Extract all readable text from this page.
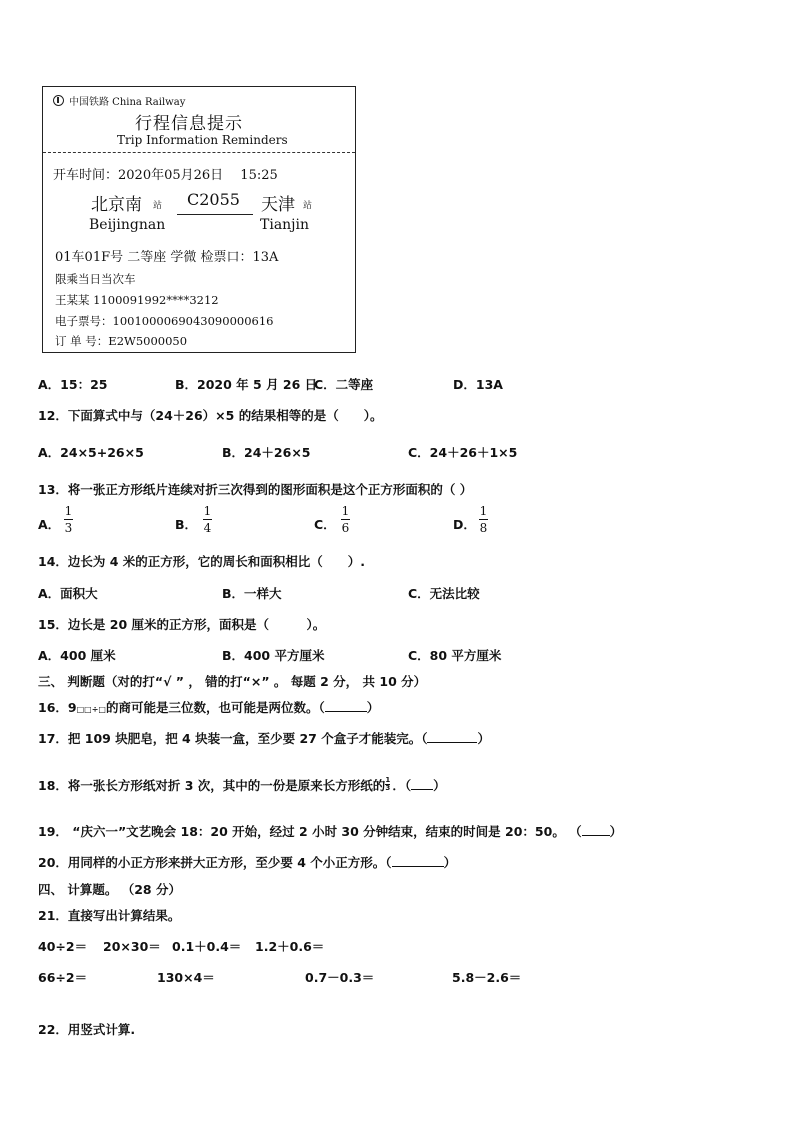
中国铁路 China Railway
行程信息提示
Trip Information Reminders
开车时间：2020年05月26日　 15:25
北京南 站
Beijingnan
C2055 天津 站
Tianjin
01车01F号 二等座 学微 检票口：13A
限乘当日当次车
王某某 1100091992****3212
电子票号：1001000069043090000616
订 单 号：E2W5000050
A．15：25	B．2020 年 5 月 26 日
C．二等座	D．13A
12．下面算式中与（24＋26）×5 的结果相等的是（　　）。
A．24×5+26×5	B．24＋26×5	C．24＋26＋1×5
13．将一张正方形纸片连续对折三次得到的图形面积是这个正方形面积的（ ）
A．
1
3	B．
1
4	C．
1
6	D．
1
8
14．边长为 4 米的正方形，它的周长和面积相比（　　）.
A．面积大	B．一样大	C．无法比较
15．边长是 20 厘米的正方形，面积是（　　　）。
A．400 厘米	B．400 平方厘米	C．80 平方厘米
三、 判断题（对的打“√ ” ， 错的打“×” 。 每题 2 分， 共 10 分）
16．9□□÷□的商可能是三位数，也可能是两位数。（	）
17．把 109 块肥皂，把 4 块装一盒，至少要 27 个盒子才能装完。（	）
18．将一张长方形纸对折 3 次，其中的一份是原来长方形纸的 1
3 ．（ ）
19． “庆六一”文艺晚会 18：20 开始，经过 2 小时 30 分钟结束，结束的时间是 20：50。 （ ）
20．用同样的小正方形来拼大正方形，至少要 4 个小正方形。（	）
四、 计算题。 （28 分）
21．直接写出计算结果。
40÷2＝ 20×30＝ 0.1＋0.4＝ 1.2＋0.6＝
66÷2＝	130×4＝	0.7－0.3＝	5.8－2.6＝
22．用竖式计算.
